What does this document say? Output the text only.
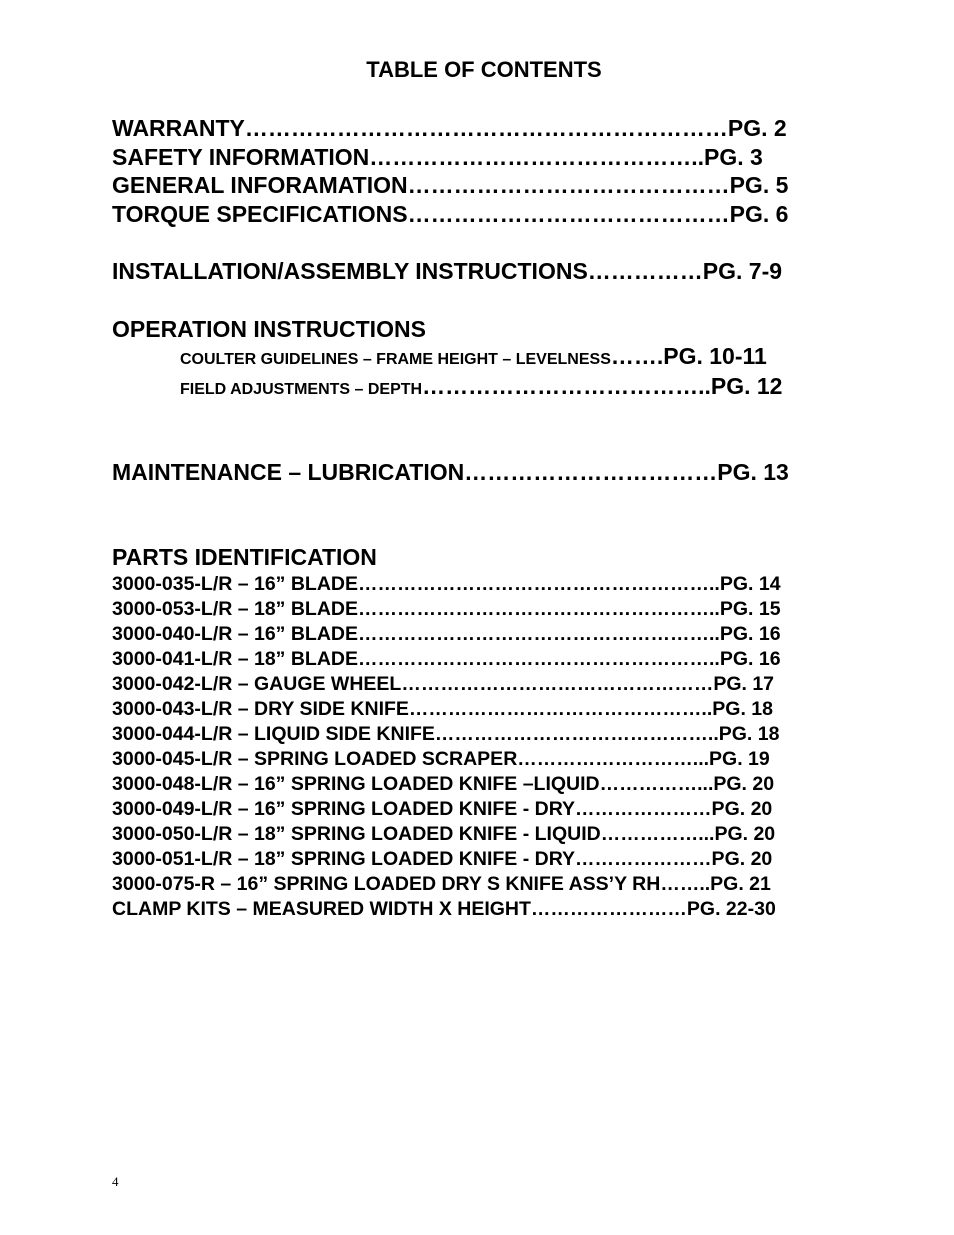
TABLE OF CONTENTS
WARRANTY………………………………………………………PG. 2
SAFETY INFORMATION……………………………………..PG. 3
GENERAL INFORAMATION……………………………………PG. 5
TORQUE SPECIFICATIONS……………………………………PG. 6
INSTALLATION/ASSEMBLY INSTRUCTIONS……………PG. 7-9
OPERATION INSTRUCTIONS
COULTER GUIDELINES – FRAME HEIGHT – LEVELNESS…….PG. 10-11
FIELD ADJUSTMENTS – DEPTH………………………………..PG. 12
MAINTENANCE – LUBRICATION……………………………PG. 13
PARTS IDENTIFICATION
3000-035-L/R – 16” BLADE………………………………………………..PG. 14
3000-053-L/R – 18” BLADE………………………………………………..PG. 15
3000-040-L/R – 16” BLADE………………………………………………..PG. 16
3000-041-L/R – 18” BLADE………………………………………………..PG. 16
3000-042-L/R – GAUGE WHEEL…………………………………………PG. 17
3000-043-L/R – DRY SIDE KNIFE………………………………………..PG. 18
3000-044-L/R – LIQUID SIDE KNIFE……………………………………..PG. 18
3000-045-L/R – SPRING LOADED SCRAPER………………………...PG. 19
3000-048-L/R – 16” SPRING LOADED KNIFE –LIQUID……………...PG. 20
3000-049-L/R – 16” SPRING LOADED KNIFE - DRY…………………PG. 20
3000-050-L/R – 18” SPRING LOADED KNIFE - LIQUID……………...PG. 20
3000-051-L/R – 18” SPRING LOADED KNIFE - DRY…………………PG. 20
3000-075-R – 16” SPRING LOADED DRY S KNIFE ASS’Y RH……..PG. 21
CLAMP KITS – MEASURED WIDTH X HEIGHT……………………PG. 22-30
4
